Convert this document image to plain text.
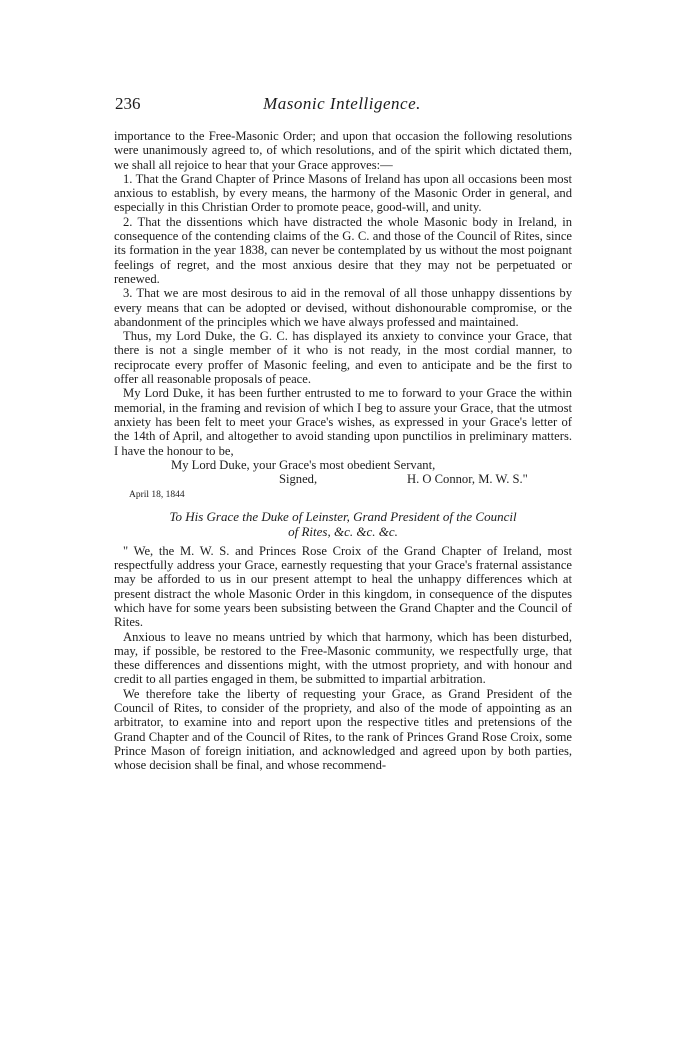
236	Masonic Intelligence.

importance to the Free-Masonic Order; and upon that occasion the following resolutions were unanimously agreed to, of which resolutions, and of the spirit which dictated them, we shall all rejoice to hear that your Grace approves:—

1. That the Grand Chapter of Prince Masons of Ireland has upon all occasions been most anxious to establish, by every means, the harmony of the Masonic Order in general, and especially in this Christian Order to promote peace, good-will, and unity.

2. That the dissentions which have distracted the whole Masonic body in Ireland, in consequence of the contending claims of the G. C. and those of the Council of Rites, since its formation in the year 1838, can never be contemplated by us without the most poignant feelings of regret, and the most anxious desire that they may not be perpetuated or renewed.

3. That we are most desirous to aid in the removal of all those unhappy dissentions by every means that can be adopted or devised, without dishonourable compromise, or the abandonment of the principles which we have always professed and maintained.

Thus, my Lord Duke, the G. C. has displayed its anxiety to convince your Grace, that there is not a single member of it who is not ready, in the most cordial manner, to reciprocate every proffer of Masonic feeling, and even to anticipate and be the first to offer all reasonable proposals of peace.

My Lord Duke, it has been further entrusted to me to forward to your Grace the within memorial, in the framing and revision of which I beg to assure your Grace, that the utmost anxiety has been felt to meet your Grace's wishes, as expressed in your Grace's letter of the 14th of April, and altogether to avoid standing upon punctilios in preliminary matters. I have the honour to be,

My Lord Duke, your Grace's most obedient Servant,
Signed,	H. O Connor, M. W. S."
April 18, 1844

To His Grace the Duke of Leinster, Grand President of the Council
of Rites, &c. &c. &c.

" We, the M. W. S. and Princes Rose Croix of the Grand Chapter of Ireland, most respectfully address your Grace, earnestly requesting that your Grace's fraternal assistance may be afforded to us in our present attempt to heal the unhappy differences which at present distract the whole Masonic Order in this kingdom, in consequence of the disputes which have for some years been subsisting between the Grand Chapter and the Council of Rites.

Anxious to leave no means untried by which that harmony, which has been disturbed, may, if possible, be restored to the Free-Masonic community, we respectfully urge, that these differences and dissentions might, with the utmost propriety, and with honour and credit to all parties engaged in them, be submitted to impartial arbitration.

We therefore take the liberty of requesting your Grace, as Grand President of the Council of Rites, to consider of the propriety, and also of the mode of appointing as an arbitrator, to examine into and report upon the respective titles and pretensions of the Grand Chapter and of the Council of Rites, to the rank of Princes Grand Rose Croix, some Prince Mason of foreign initiation, and acknowledged and agreed upon by both parties, whose decision shall be final, and whose recommend-
